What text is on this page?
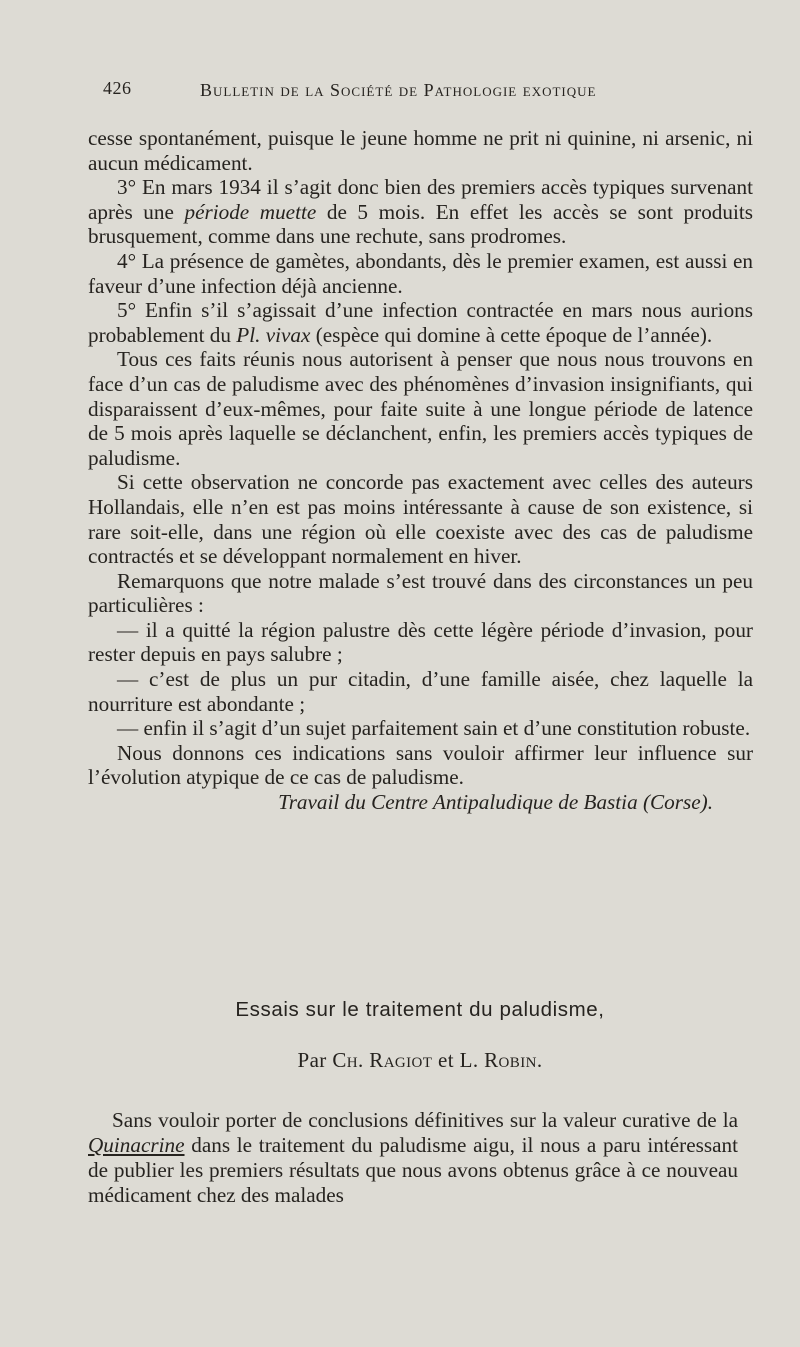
426	Bulletin de la Société de Pathologie exotique

cesse spontanément, puisque le jeune homme ne prit ni quinine, ni arsenic, ni aucun médicament.

3° En mars 1934 il s’agit donc bien des premiers accès typiques survenant après une période muette de 5 mois. En effet les accès se sont produits brusquement, comme dans une rechute, sans prodromes.

4° La présence de gamètes, abondants, dès le premier examen, est aussi en faveur d’une infection déjà ancienne.

5° Enfin s’il s’agissait d’une infection contractée en mars nous aurions probablement du Pl. vivax (espèce qui domine à cette époque de l’année).

Tous ces faits réunis nous autorisent à penser que nous nous trouvons en face d’un cas de paludisme avec des phénomènes d’invasion insignifiants, qui disparaissent d’eux-mêmes, pour faite suite à une longue période de latence de 5 mois après laquelle se déclanchent, enfin, les premiers accès typiques de paludisme.

Si cette observation ne concorde pas exactement avec celles des auteurs Hollandais, elle n’en est pas moins intéressante à cause de son existence, si rare soit-elle, dans une région où elle coexiste avec des cas de paludisme contractés et se développant normalement en hiver.

Remarquons que notre malade s’est trouvé dans des circonstances un peu particulières :

— il a quitté la région palustre dès cette légère période d’invasion, pour rester depuis en pays salubre ;

— c’est de plus un pur citadin, d’une famille aisée, chez laquelle la nourriture est abondante ;

— enfin il s’agit d’un sujet parfaitement sain et d’une constitution robuste.

Nous donnons ces indications sans vouloir affirmer leur influence sur l’évolution atypique de ce cas de paludisme.

Travail du Centre Antipaludique de Bastia (Corse).

Essais sur le traitement du paludisme,
Par Ch. Ragiot et L. Robin.

Sans vouloir porter de conclusions définitives sur la valeur curative de la Quinacrine dans le traitement du paludisme aigu, il nous a paru intéressant de publier les premiers résultats que nous avons obtenus grâce à ce nouveau médicament chez des malades
